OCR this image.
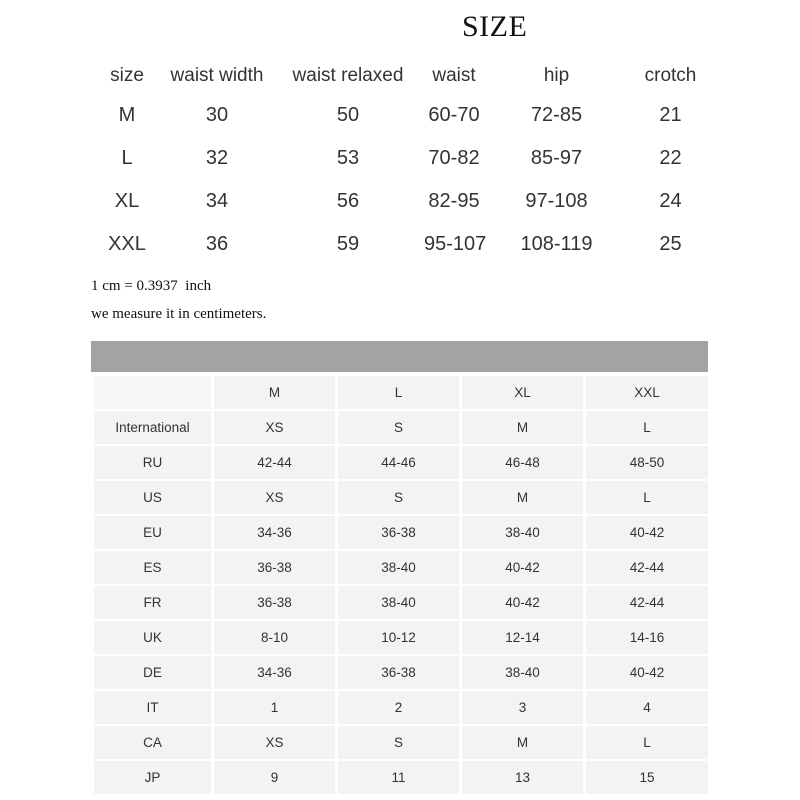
SIZE
size	waist width	waist relaxed	waist	hip	crotch
M	30	50	60-70	72-85	21
L	32	53	70-82	85-97	22
XL	34	56	82-95	97-108	24
XXL	36	59	95-107	108-119	25
1 cm = 0.3937  inch
we measure it in centimeters.
	M	L	XL	XXL
International	XS	S	M	L
RU	42-44	44-46	46-48	48-50
US	XS	S	M	L
EU	34-36	36-38	38-40	40-42
ES	36-38	38-40	40-42	42-44
FR	36-38	38-40	40-42	42-44
UK	8-10	10-12	12-14	14-16
DE	34-36	36-38	38-40	40-42
IT	1	2	3	4
CA	XS	S	M	L
JP	9	11	13	15
